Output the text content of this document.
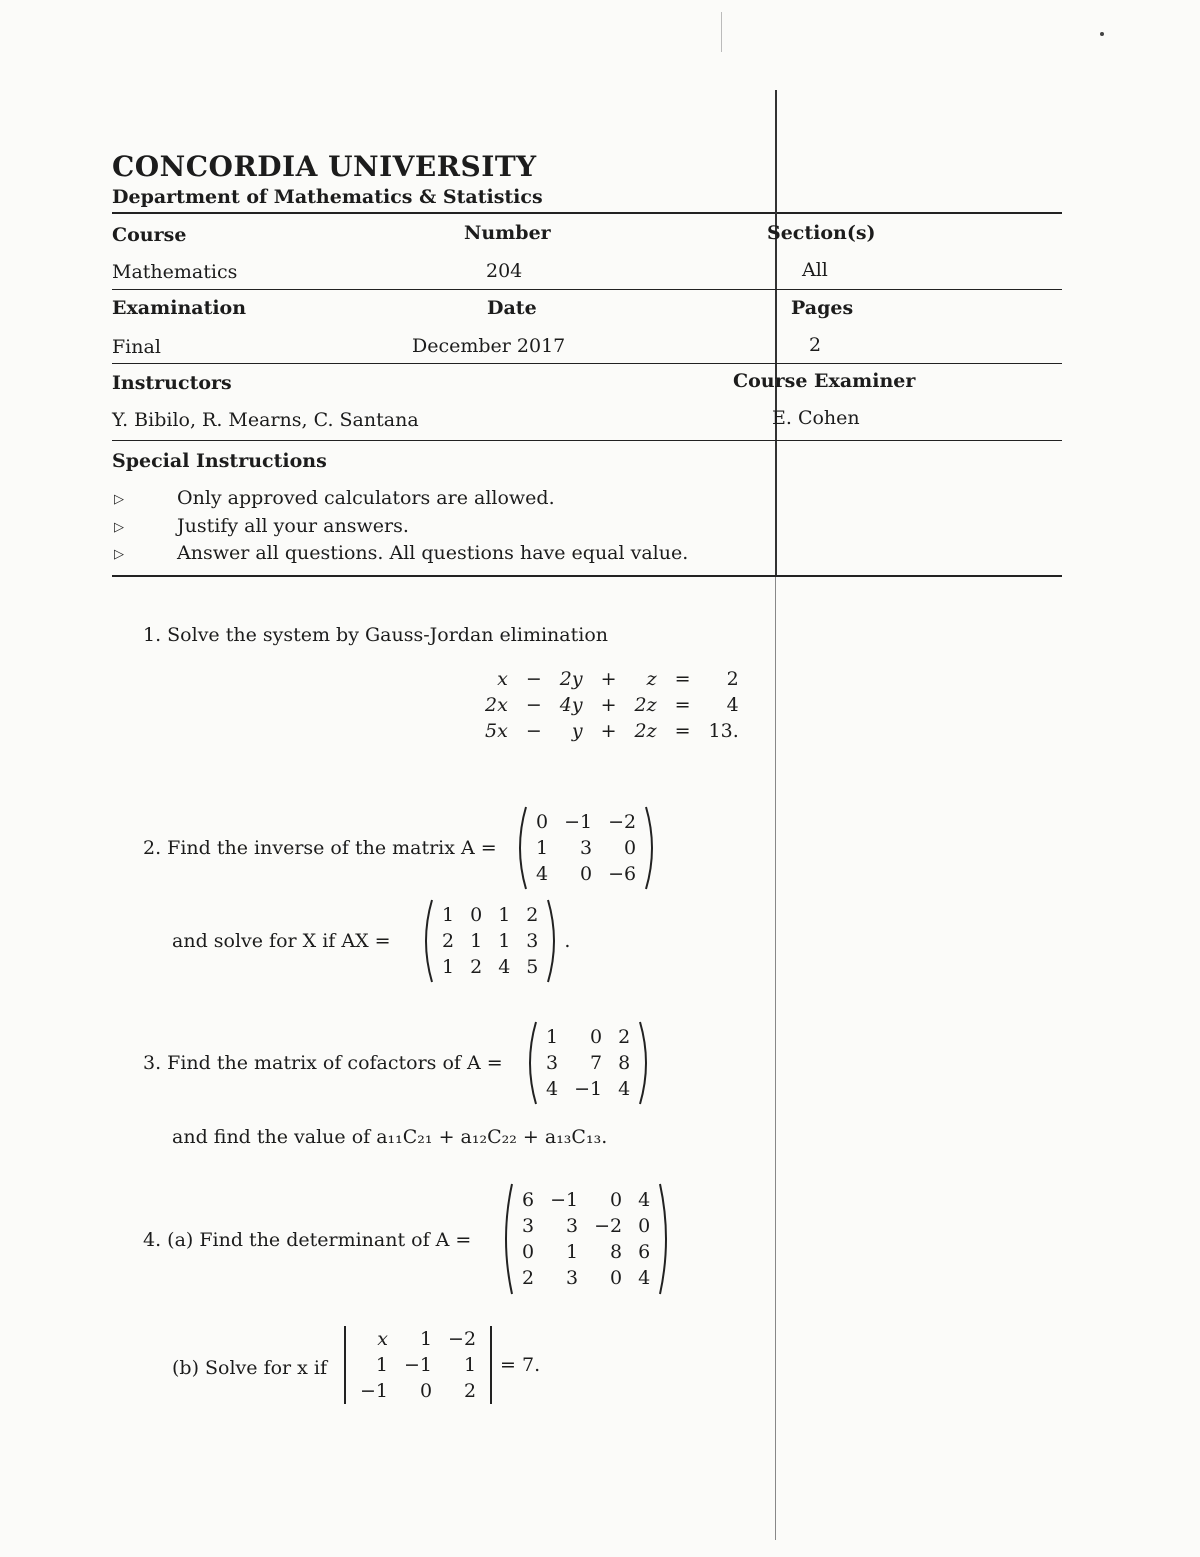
CONCORDIA UNIVERSITY
Department of Mathematics & Statistics
Course	Number	Section(s)
Mathematics	204	All
Examination	Date	Pages
Final	December 2017	2
Instructors	Course Examiner
Y. Bibilo, R. Mearns, C. Santana	E. Cohen
Special Instructions
▷
▷
▷
Only approved calculators are allowed.
Justify all your answers.
Answer all questions. All questions have equal value.
1. Solve the system by Gauss-Jordan elimination
x	−	2y	+	z	=	2
2x	−	4y	+	2z	=	4
5x	−	y	+	2z	=	13.
2. Find the inverse of the matrix A =
0	−1	−2
1	3	0
4	0	−6
and solve for X if AX =
1	0	1	2
2	1	1	3
1	2	4	5
.
3. Find the matrix of cofactors of A =
1	0	2
3	7	8
4	−1	4
and find the value of a₁₁C₂₁ + a₁₂C₂₂ + a₁₃C₁₃.
4. (a) Find the determinant of A =
6	−1	0	4
3	3	−2	0
0	1	8	6
2	3	0	4
(b) Solve for x if
x	1	−2
1	−1	1
−1	0	2
= 7.
